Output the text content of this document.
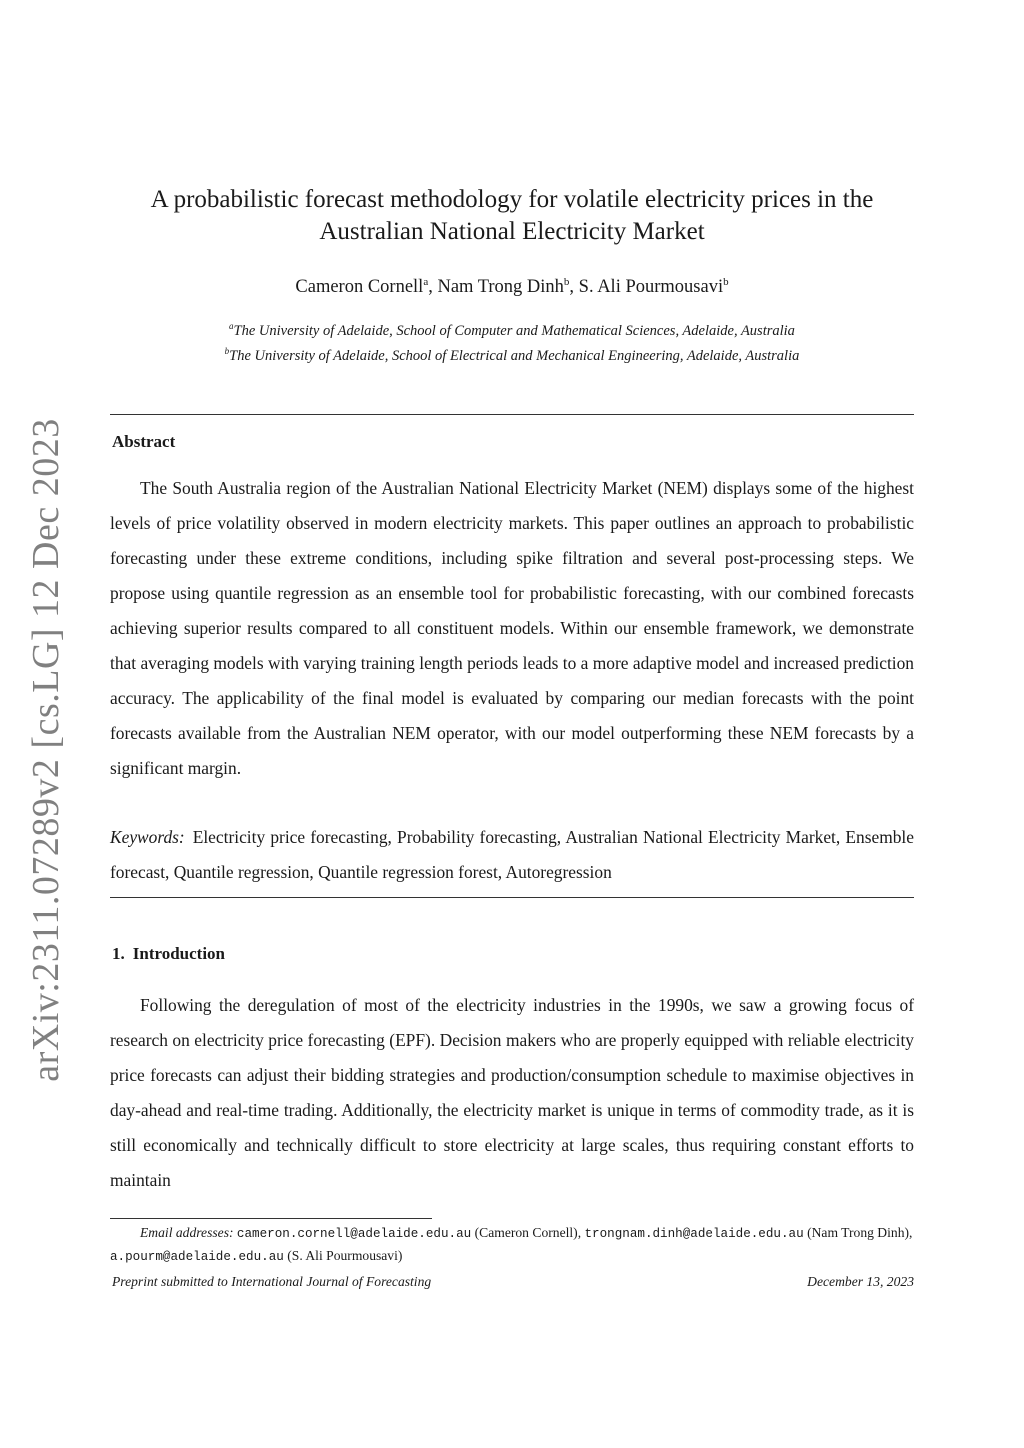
arXiv:2311.07289v2 [cs.LG] 12 Dec 2023
A probabilistic forecast methodology for volatile electricity prices in the
Australian National Electricity Market
Cameron Cornell$^a$, Nam Trong Dinh$^b$, S. Ali Pourmousavi$^b$
$^a$The University of Adelaide, School of Computer and Mathematical Sciences, Adelaide, Australia
$^b$The University of Adelaide, School of Electrical and Mechanical Engineering, Adelaide, Australia
Abstract

The South Australia region of the Australian National Electricity Market (NEM) displays some of the highest levels of price volatility observed in modern electricity markets. This paper outlines an approach to probabilistic forecasting under these extreme conditions, including spike filtration and several post-processing steps. We propose using quantile regression as an ensemble tool for probabilistic forecasting, with our combined forecasts achieving superior results compared to all constituent models. Within our ensemble framework, we demonstrate that averaging models with varying training length periods leads to a more adaptive model and increased prediction accuracy. The applicability of the final model is evaluated by comparing our median forecasts with the point forecasts available from the Australian NEM operator, with our model outperforming these NEM forecasts by a significant margin.

Keywords: Electricity price forecasting, Probability forecasting, Australian National Electricity Market, Ensemble forecast, Quantile regression, Quantile regression forest, Autoregression

1. Introduction

Following the deregulation of most of the electricity industries in the 1990s, we saw a growing focus of research on electricity price forecasting (EPF). Decision makers who are properly equipped with reliable electricity price forecasts can adjust their bidding strategies and production/consumption schedule to maximise objectives in day-ahead and real-time trading. Additionally, the electricity market is unique in terms of commodity trade, as it is still economically and technically difficult to store electricity at large scales, thus requiring constant efforts to maintain

Email addresses: cameron.cornell@adelaide.edu.au (Cameron Cornell), trongnam.dinh@adelaide.edu.au (Nam Trong Dinh), a.pourm@adelaide.edu.au (S. Ali Pourmousavi)

Preprint submitted to International Journal of Forecasting	December 13, 2023
